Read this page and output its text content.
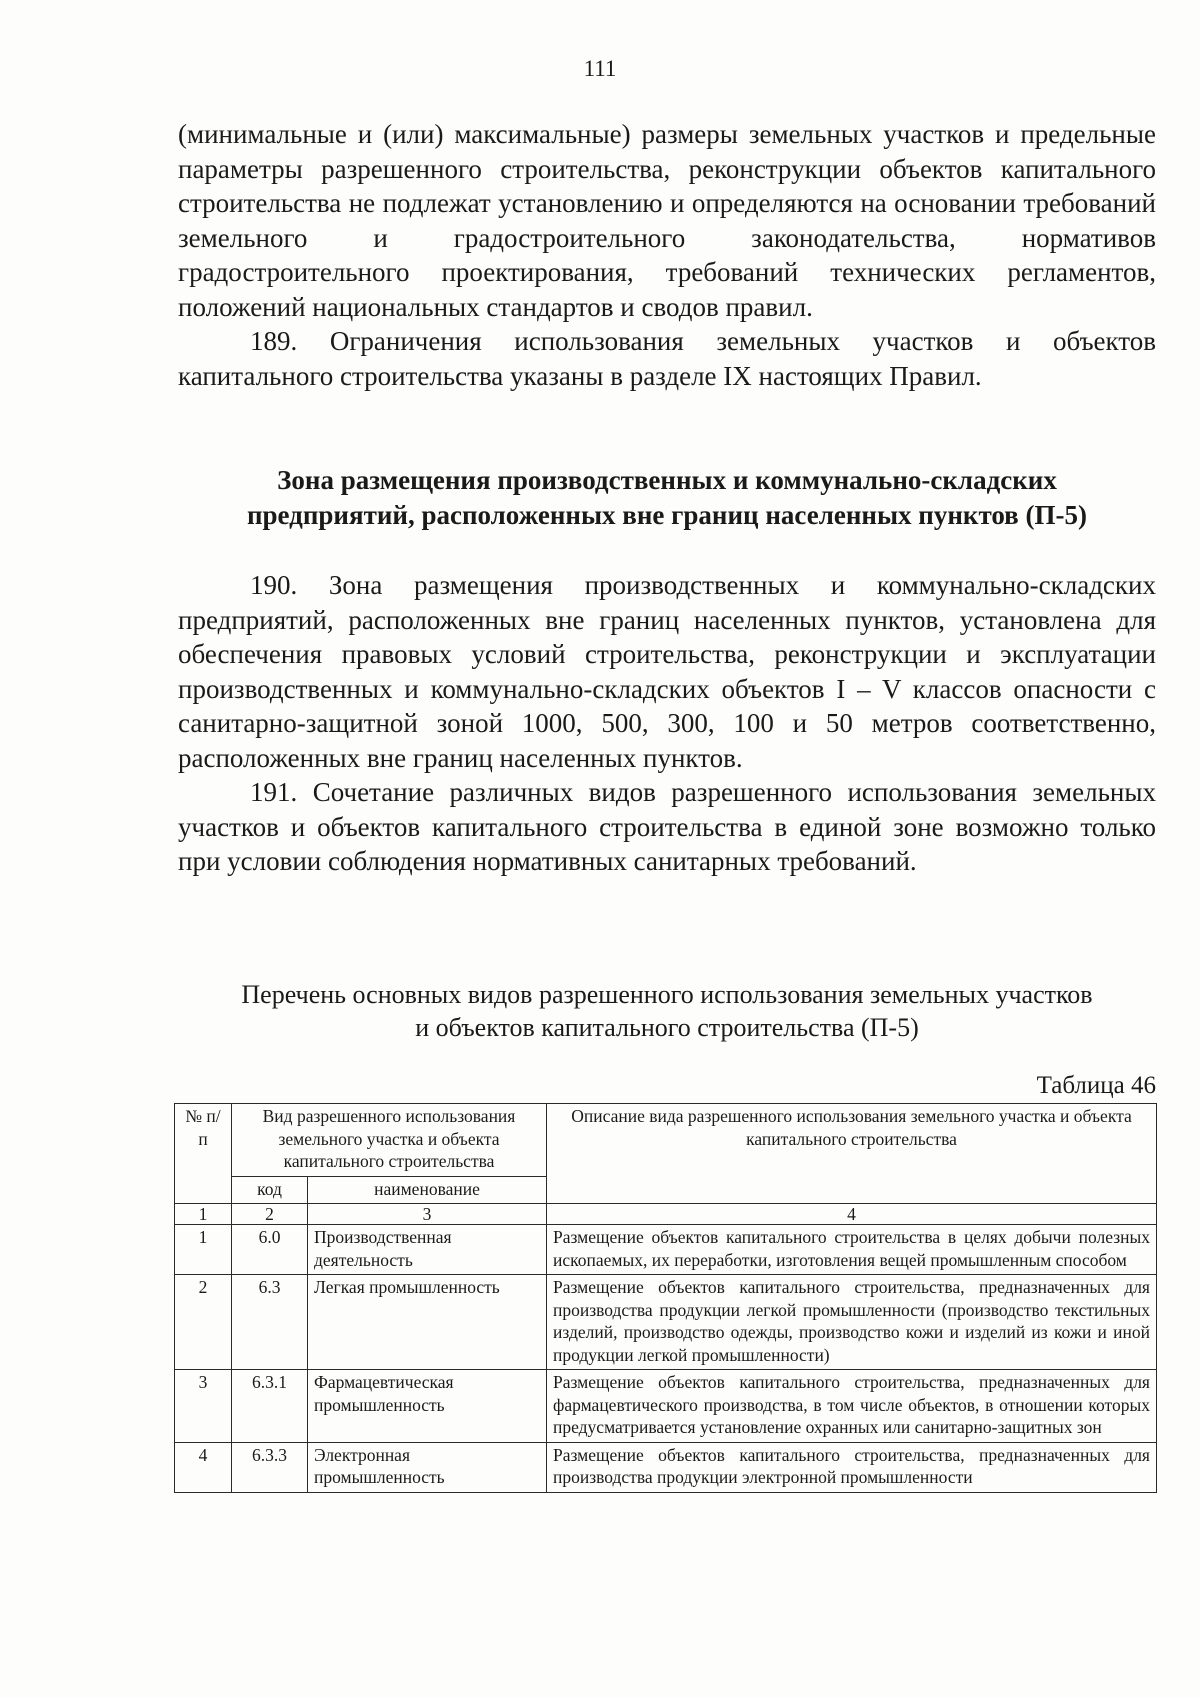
111

(минимальные и (или) максимальные) размеры земельных участков и предельные параметры разрешенного строительства, реконструкции объектов капитального строительства не подлежат установлению и определяются на основании требований земельного и градостроительного законодательства, нормативов градостроительного проектирования, требований технических регламентов, положений национальных стандартов и сводов правил.

189. Ограничения использования земельных участков и объектов капитального строительства указаны в разделе IX настоящих Правил.

Зона размещения производственных и коммунально-складских
предприятий, расположенных вне границ населенных пунктов (П-5)

190. Зона размещения производственных и коммунально-складских предприятий, расположенных вне границ населенных пунктов, установлена для обеспечения правовых условий строительства, реконструкции и эксплуатации производственных и коммунально-складских объектов I – V классов опасности с санитарно-защитной зоной 1000, 500, 300, 100 и 50 метров соответственно, расположенных вне границ населенных пунктов.

191. Сочетание различных видов разрешенного использования земельных участков и объектов капитального строительства в единой зоне возможно только при условии соблюдения нормативных санитарных требований.

Перечень основных видов разрешенного использования земельных участков
и объектов капитального строительства (П-5)
Таблица 46
№ п/п	Вид разрешенного использования земельного участка и объекта капитального строительства		Описание вида разрешенного использования земельного участка и объекта капитального строительства
	код	наименование	
1	2	3	4
1	6.0	Производственная деятельность	Размещение объектов капитального строительства в целях добычи полезных ископаемых, их переработки, изготовления вещей промышленным способом
2	6.3	Легкая промышленность	Размещение объектов капитального строительства, предназначенных для производства продукции легкой промышленности (производство текстильных изделий, производство одежды, производство кожи и изделий из кожи и иной продукции легкой промышленности)
3	6.3.1	Фармацевтическая промышленность	Размещение объектов капитального строительства, предназначенных для фармацевтического производства, в том числе объектов, в отношении которых предусматривается установление охранных или санитарно-защитных зон
4	6.3.3	Электронная промышленность	Размещение объектов капитального строительства, предназначенных для производства продукции электронной промышленности
